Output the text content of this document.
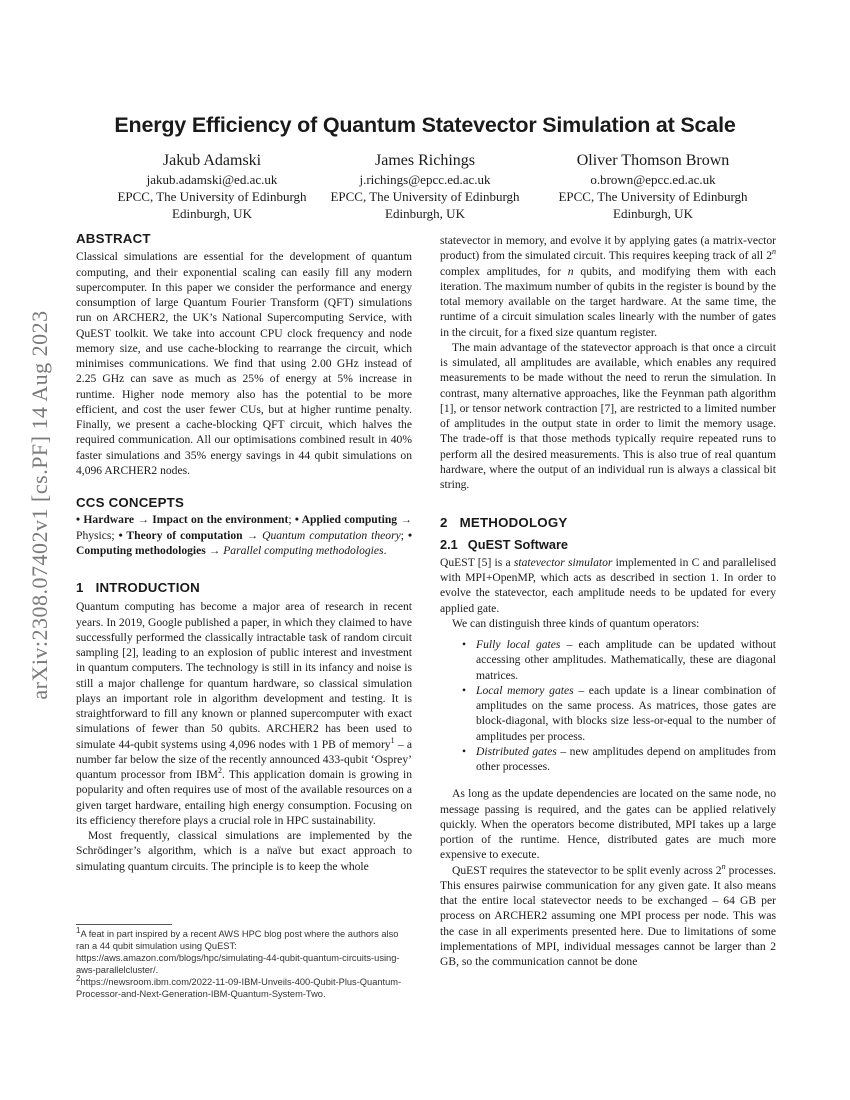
arXiv:2308.07402v1 [cs.PF] 14 Aug 2023
Energy Efficiency of Quantum Statevector Simulation at Scale
Jakub Adamski
jakub.adamski@ed.ac.uk
EPCC, The University of Edinburgh
Edinburgh, UK
James Richings
j.richings@epcc.ed.ac.uk
EPCC, The University of Edinburgh
Edinburgh, UK
Oliver Thomson Brown
o.brown@epcc.ed.ac.uk
EPCC, The University of Edinburgh
Edinburgh, UK
ABSTRACT

Classical simulations are essential for the development of quantum computing, and their exponential scaling can easily fill any modern supercomputer. In this paper we consider the performance and energy consumption of large Quantum Fourier Transform (QFT) simulations run on ARCHER2, the UK’s National Supercomputing Service, with QuEST toolkit. We take into account CPU clock frequency and node memory size, and use cache-blocking to rearrange the circuit, which minimises communications. We find that using 2.00 GHz instead of 2.25 GHz can save as much as 25% of energy at 5% increase in runtime. Higher node memory also has the potential to be more efficient, and cost the user fewer CUs, but at higher runtime penalty. Finally, we present a cache-blocking QFT circuit, which halves the required communication. All our optimisations combined result in 40% faster simulations and 35% energy savings in 44 qubit simulations on 4,096 ARCHER2 nodes.

CCS CONCEPTS

• Hardware → Impact on the environment; • Applied computing → Physics; • Theory of computation → Quantum computation theory; • Computing methodologies → Parallel computing methodologies.

1 INTRODUCTION

Quantum computing has become a major area of research in recent years. In 2019, Google published a paper, in which they claimed to have successfully performed the classically intractable task of random circuit sampling [2], leading to an explosion of public interest and investment in quantum computers. The technology is still in its infancy and noise is still a major challenge for quantum hardware, so classical simulation plays an important role in algorithm development and testing. It is straightforward to fill any known or planned supercomputer with exact simulations of fewer than 50 qubits. ARCHER2 has been used to simulate 44-qubit systems using 4,096 nodes with 1 PB of memory$^1$ – a number far below the size of the recently announced 433-qubit ‘Osprey’ quantum processor from IBM$^2$. This application domain is growing in popularity and often requires use of most of the available resources on a given target hardware, entailing high energy consumption. Focusing on its efficiency therefore plays a crucial role in HPC sustainability.

Most frequently, classical simulations are implemented by the Schrödinger’s algorithm, which is a naïve but exact approach to simulating quantum circuits. The principle is to keep the whole

$^1$A feat in part inspired by a recent AWS HPC blog post where the authors also ran a 44 qubit simulation using QuEST: https://aws.amazon.com/blogs/hpc/simulating-44-qubit-quantum-circuits-using-aws-parallelcluster/.
$^2$https://newsroom.ibm.com/2022-11-09-IBM-Unveils-400-Qubit-Plus-Quantum-Processor-and-Next-Generation-IBM-Quantum-System-Two.

statevector in memory, and evolve it by applying gates (a matrix-vector product) from the simulated circuit. This requires keeping track of all 2$^n$ complex amplitudes, for n qubits, and modifying them with each iteration. The maximum number of qubits in the register is bound by the total memory available on the target hardware. At the same time, the runtime of a circuit simulation scales linearly with the number of gates in the circuit, for a fixed size quantum register.

The main advantage of the statevector approach is that once a circuit is simulated, all amplitudes are available, which enables any required measurements to be made without the need to rerun the simulation. In contrast, many alternative approaches, like the Feynman path algorithm [1], or tensor network contraction [7], are restricted to a limited number of amplitudes in the output state in order to limit the memory usage. The trade-off is that those methods typically require repeated runs to perform all the desired measurements. This is also true of real quantum hardware, where the output of an individual run is always a classical bit string.

2 METHODOLOGY
2.1 QuEST Software

QuEST [5] is a statevector simulator implemented in C and parallelised with MPI+OpenMP, which acts as described in section 1. In order to evolve the statevector, each amplitude needs to be updated for every applied gate.

We can distinguish three kinds of quantum operators:

• Fully local gates – each amplitude can be updated without accessing other amplitudes. Mathematically, these are diagonal matrices.
• Local memory gates – each update is a linear combination of amplitudes on the same process. As matrices, those gates are block-diagonal, with blocks size less-or-equal to the number of amplitudes per process.
• Distributed gates – new amplitudes depend on amplitudes from other processes.

As long as the update dependencies are located on the same node, no message passing is required, and the gates can be applied relatively quickly. When the operators become distributed, MPI takes up a large portion of the runtime. Hence, distributed gates are much more expensive to execute.

QuEST requires the statevector to be split evenly across 2$^n$ processes. This ensures pairwise communication for any given gate. It also means that the entire local statevector needs to be exchanged – 64 GB per process on ARCHER2 assuming one MPI process per node. This was the case in all experiments presented here. Due to limitations of some implementations of MPI, individual messages cannot be larger than 2 GB, so the communication cannot be done
